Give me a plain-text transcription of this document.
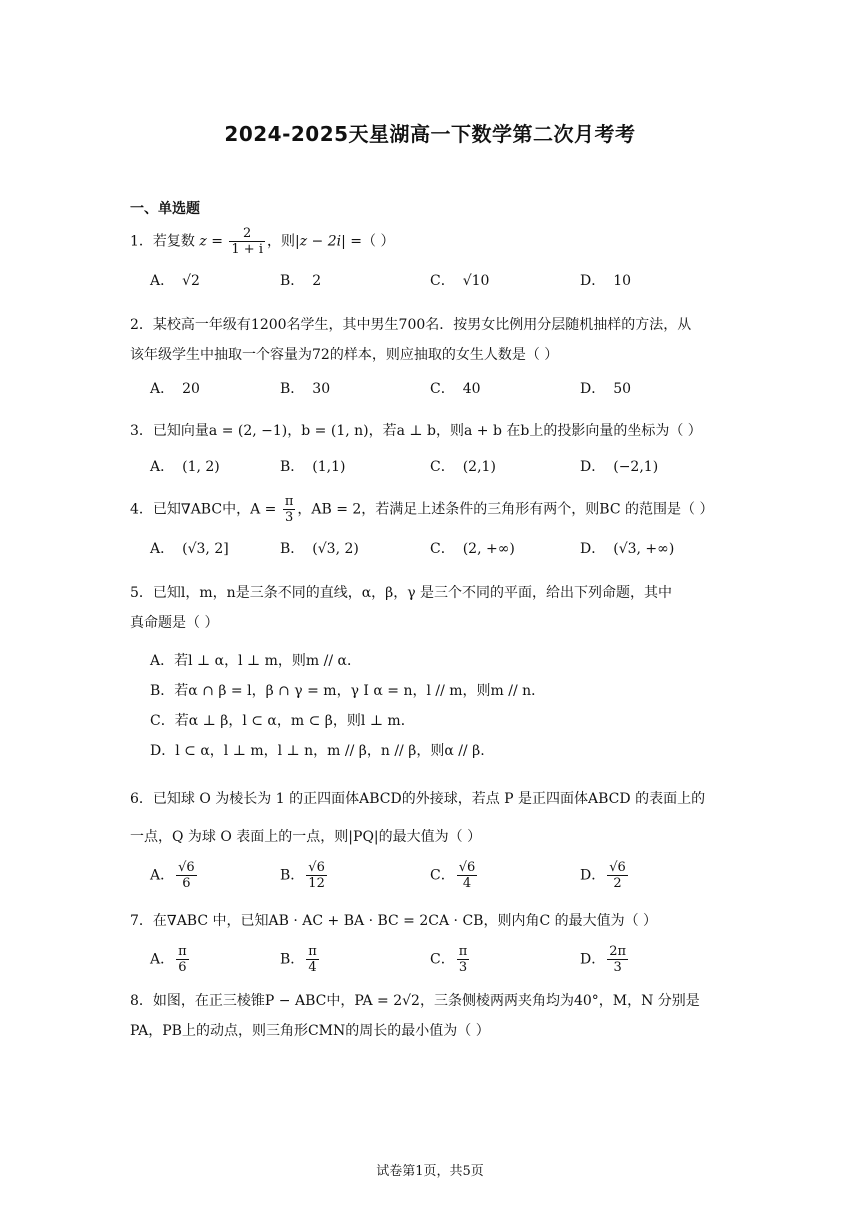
2024-2025天星湖高一下数学第二次月考考
一、单选题
1．若复数 $z = \frac{2}{1 + i}$ ，则|z − 2i| =（ ）
A． √2	B． 2	C． √10	D． 10
2．某校高一年级有1200名学生，其中男生700名．按男女比例用分层随机抽样的方法，从
该年级学生中抽取一个容量为72的样本，则应抽取的女生人数是（ ）
A． 20	B． 30	C． 40	D． 50
3．已知向量a = (2, −1)，b = (1, n)，若a ⊥ b，则a + b 在b上的投影向量的坐标为（ ）
A． (1, 2)	B． (1,1)	C． (2,1)	D． (−2,1)
4．已知∇ABC中，$A = \frac{\pi}{3}$ ，AB = 2，若满足上述条件的三角形有两个，则BC 的范围是（ ）
A． (√3, 2]	B． (√3, 2)	C． (2, +∞)	D． (√3, +∞)
5．已知l，m，n是三条不同的直线，α，β，γ 是三个不同的平面，给出下列命题，其中
真命题是（ ）
A．若l ⊥ α，l ⊥ m，则m // α．
B．若α ∩ β = l，β ∩ γ = m，γ I α = n，l // m，则m // n．
C．若α ⊥ β，l ⊂ α，m ⊂ β，则l ⊥ m．
D．l ⊂ α，l ⊥ m，l ⊥ n，m // β，n // β，则α // β.
6．已知球 O 为棱长为 1 的正四面体ABCD的外接球，若点 P 是正四面体ABCD 的表面上的
一点，Q 为球 O 表面上的一点，则|PQ|的最大值为（ ）
A． $\frac{√6}{6}$	B． $\frac{√6}{12}$	C． $\frac{√6}{4}$	D． $\frac{√6}{2}$
7．在∇ABC 中，已知AB · AC + BA · BC = 2CA · CB，则内角C 的最大值为（ ）
A． $\frac{\pi}{6}$	B． $\frac{\pi}{4}$	C． $\frac{\pi}{3}$	D． $\frac{2\pi}{3}$
8．如图，在正三棱锥P − ABC中，PA = 2√2，三条侧棱两两夹角均为40°，M，N 分别是
PA，PB上的动点，则三角形CMN的周长的最小值为（ ）
试卷第1页，共5页
